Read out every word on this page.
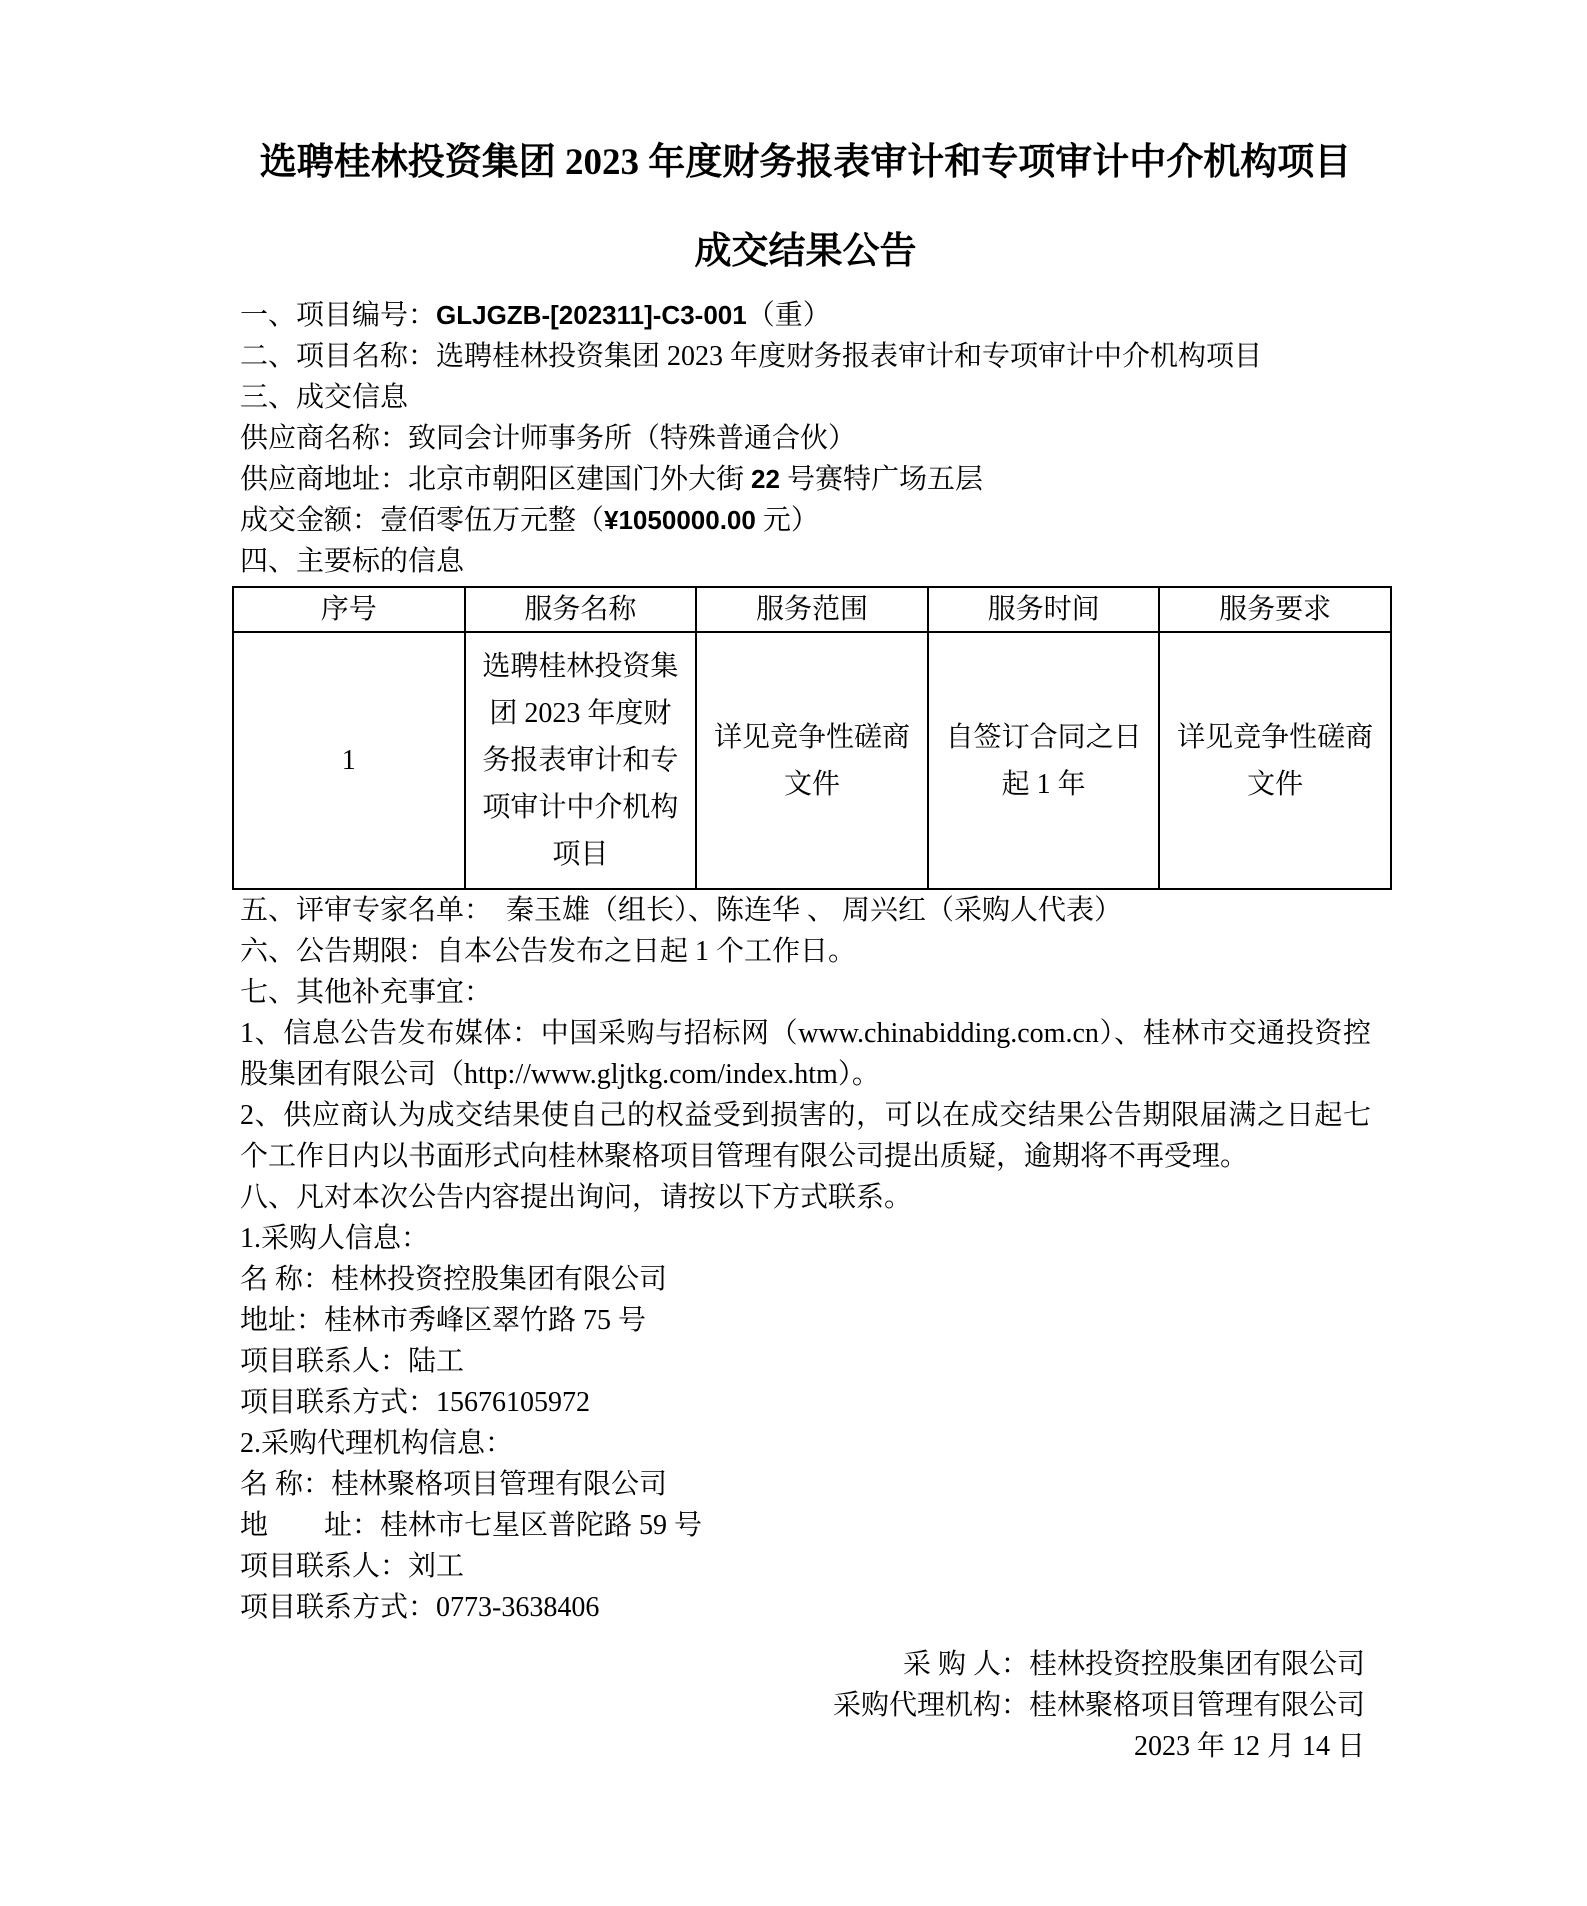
选聘桂林投资集团 2023 年度财务报表审计和专项审计中介机构项目
成交结果公告

一、项目编号：GLJGZB-[202311]-C3-001（重）

二、项目名称：选聘桂林投资集团 2023 年度财务报表审计和专项审计中介机构项目

三、成交信息

供应商名称：致同会计师事务所（特殊普通合伙）

供应商地址：北京市朝阳区建国门外大街 22 号赛特广场五层

成交金额：壹佰零伍万元整（¥1050000.00 元）

四、主要标的信息

序号	服务名称	服务范围	服务时间	服务要求
1	选聘桂林投资集团 2023 年度财务报表审计和专项审计中介机构项目	详见竞争性磋商文件	自签订合同之日起 1 年	详见竞争性磋商文件

五、评审专家名单：　秦玉雄（组长）、陈连华 、 周兴红（采购人代表）

六、公告期限：自本公告发布之日起 1 个工作日。

七、其他补充事宜：

1、信息公告发布媒体：中国采购与招标网（www.chinabidding.com.cn）、桂林市交通投资控股集团有限公司（http://www.gljtkg.com/index.htm）。

2、供应商认为成交结果使自己的权益受到损害的，可以在成交结果公告期限届满之日起七个工作日内以书面形式向桂林聚格项目管理有限公司提出质疑，逾期将不再受理。

八、凡对本次公告内容提出询问，请按以下方式联系。

1.采购人信息：

名 称：桂林投资控股集团有限公司

地址：桂林市秀峰区翠竹路 75 号

项目联系人：陆工

项目联系方式：15676105972

2.采购代理机构信息：

名 称：桂林聚格项目管理有限公司

地　　址：桂林市七星区普陀路 59 号

项目联系人：刘工

项目联系方式：0773-3638406

采 购 人：桂林投资控股集团有限公司

采购代理机构：桂林聚格项目管理有限公司

2023 年 12 月 14 日
